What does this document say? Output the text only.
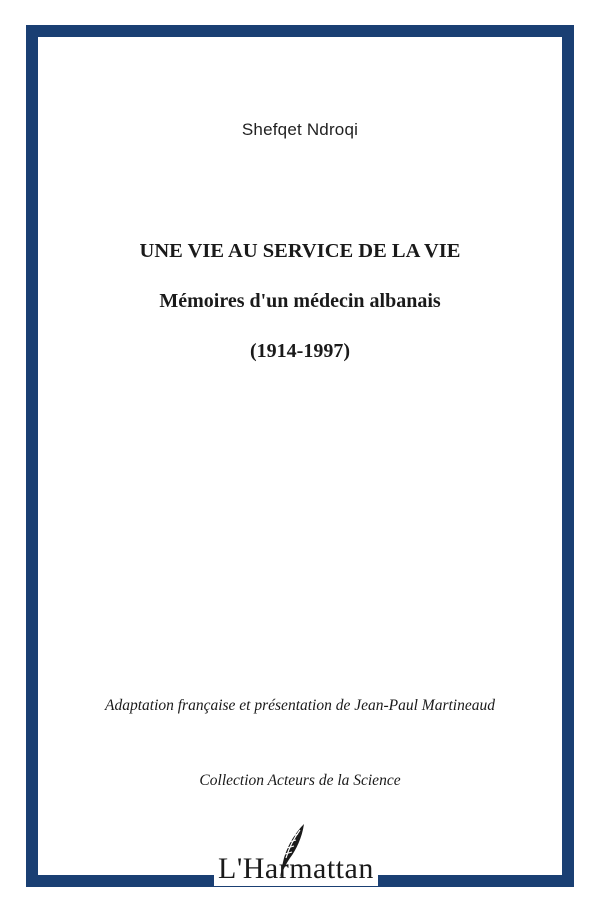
Shefqet Ndroqi
UNE VIE AU SERVICE DE LA VIE
Mémoires d'un médecin albanais
(1914-1997)
Adaptation française et présentation de Jean-Paul Martineaud
Collection Acteurs de la Science
L'Harmattan
